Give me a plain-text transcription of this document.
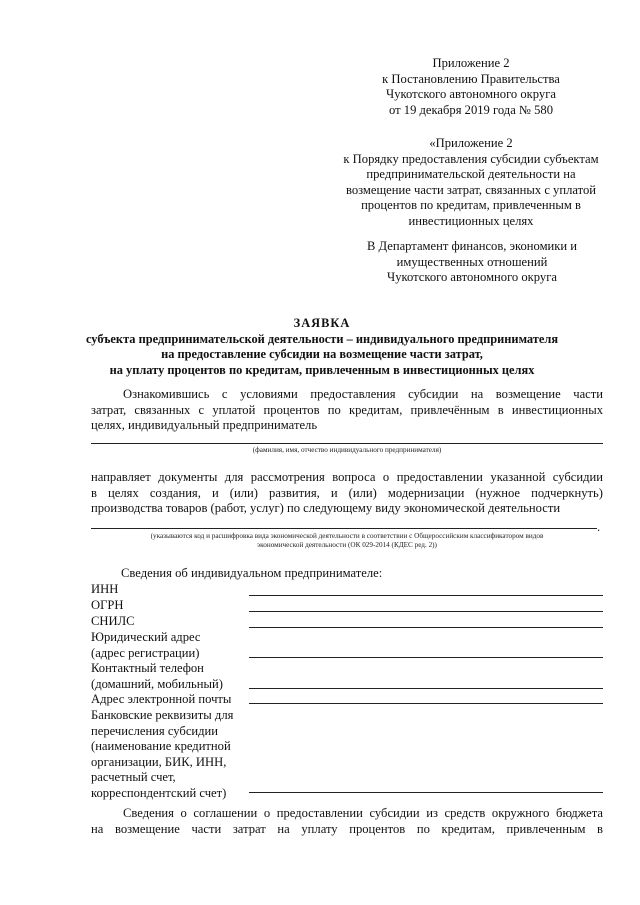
Приложение 2
к Постановлению Правительства
Чукотского автономного округа
от 19 декабря 2019 года № 580
«Приложение 2
к Порядку предоставления субсидии субъектам
предпринимательской деятельности на
возмещение части затрат, связанных с уплатой
процентов по кредитам, привлеченным в
инвестиционных целях
В Департамент финансов, экономики и
имущественных отношений
Чукотского автономного округа
ЗАЯВКА
субъекта предпринимательской деятельности – индивидуального предпринимателя
на предоставление субсидии на возмещение части затрат,
на уплату процентов по кредитам, привлеченным в инвестиционных целях
Ознакомившись с условиями предоставления субсидии на возмещение части
затрат, связанных с уплатой процентов по кредитам, привлечённым в инвестиционных
целях, индивидуальный предприниматель
(фамилия, имя, отчество индивидуального предпринимателя)
направляет документы для рассмотрения вопроса о предоставлении указанной субсидии
в целях создания, и (или) развития, и (или) модернизации (нужное подчеркнуть)
производства товаров (работ, услуг) по следующему виду экономической деятельности
.
(указываются код и расшифровка вида экономической деятельности в соответствии с Общероссийским классификатором видов
экономической деятельности (ОК 029-2014 (КДЕС ред. 2))
Сведения об индивидуальном предпринимателе:
ИНН
ОГРН
СНИЛС
Юридический адрес
(адрес регистрации)
Контактный телефон
(домашний, мобильный)
Адрес электронной почты
Банковские реквизиты для
перечисления субсидии
(наименование кредитной
организации, БИК, ИНН,
расчетный счет,
корреспондентский счет)
Сведения о соглашении о предоставлении субсидии из средств окружного бюджета
на возмещение части затрат на уплату процентов по кредитам, привлеченным в
